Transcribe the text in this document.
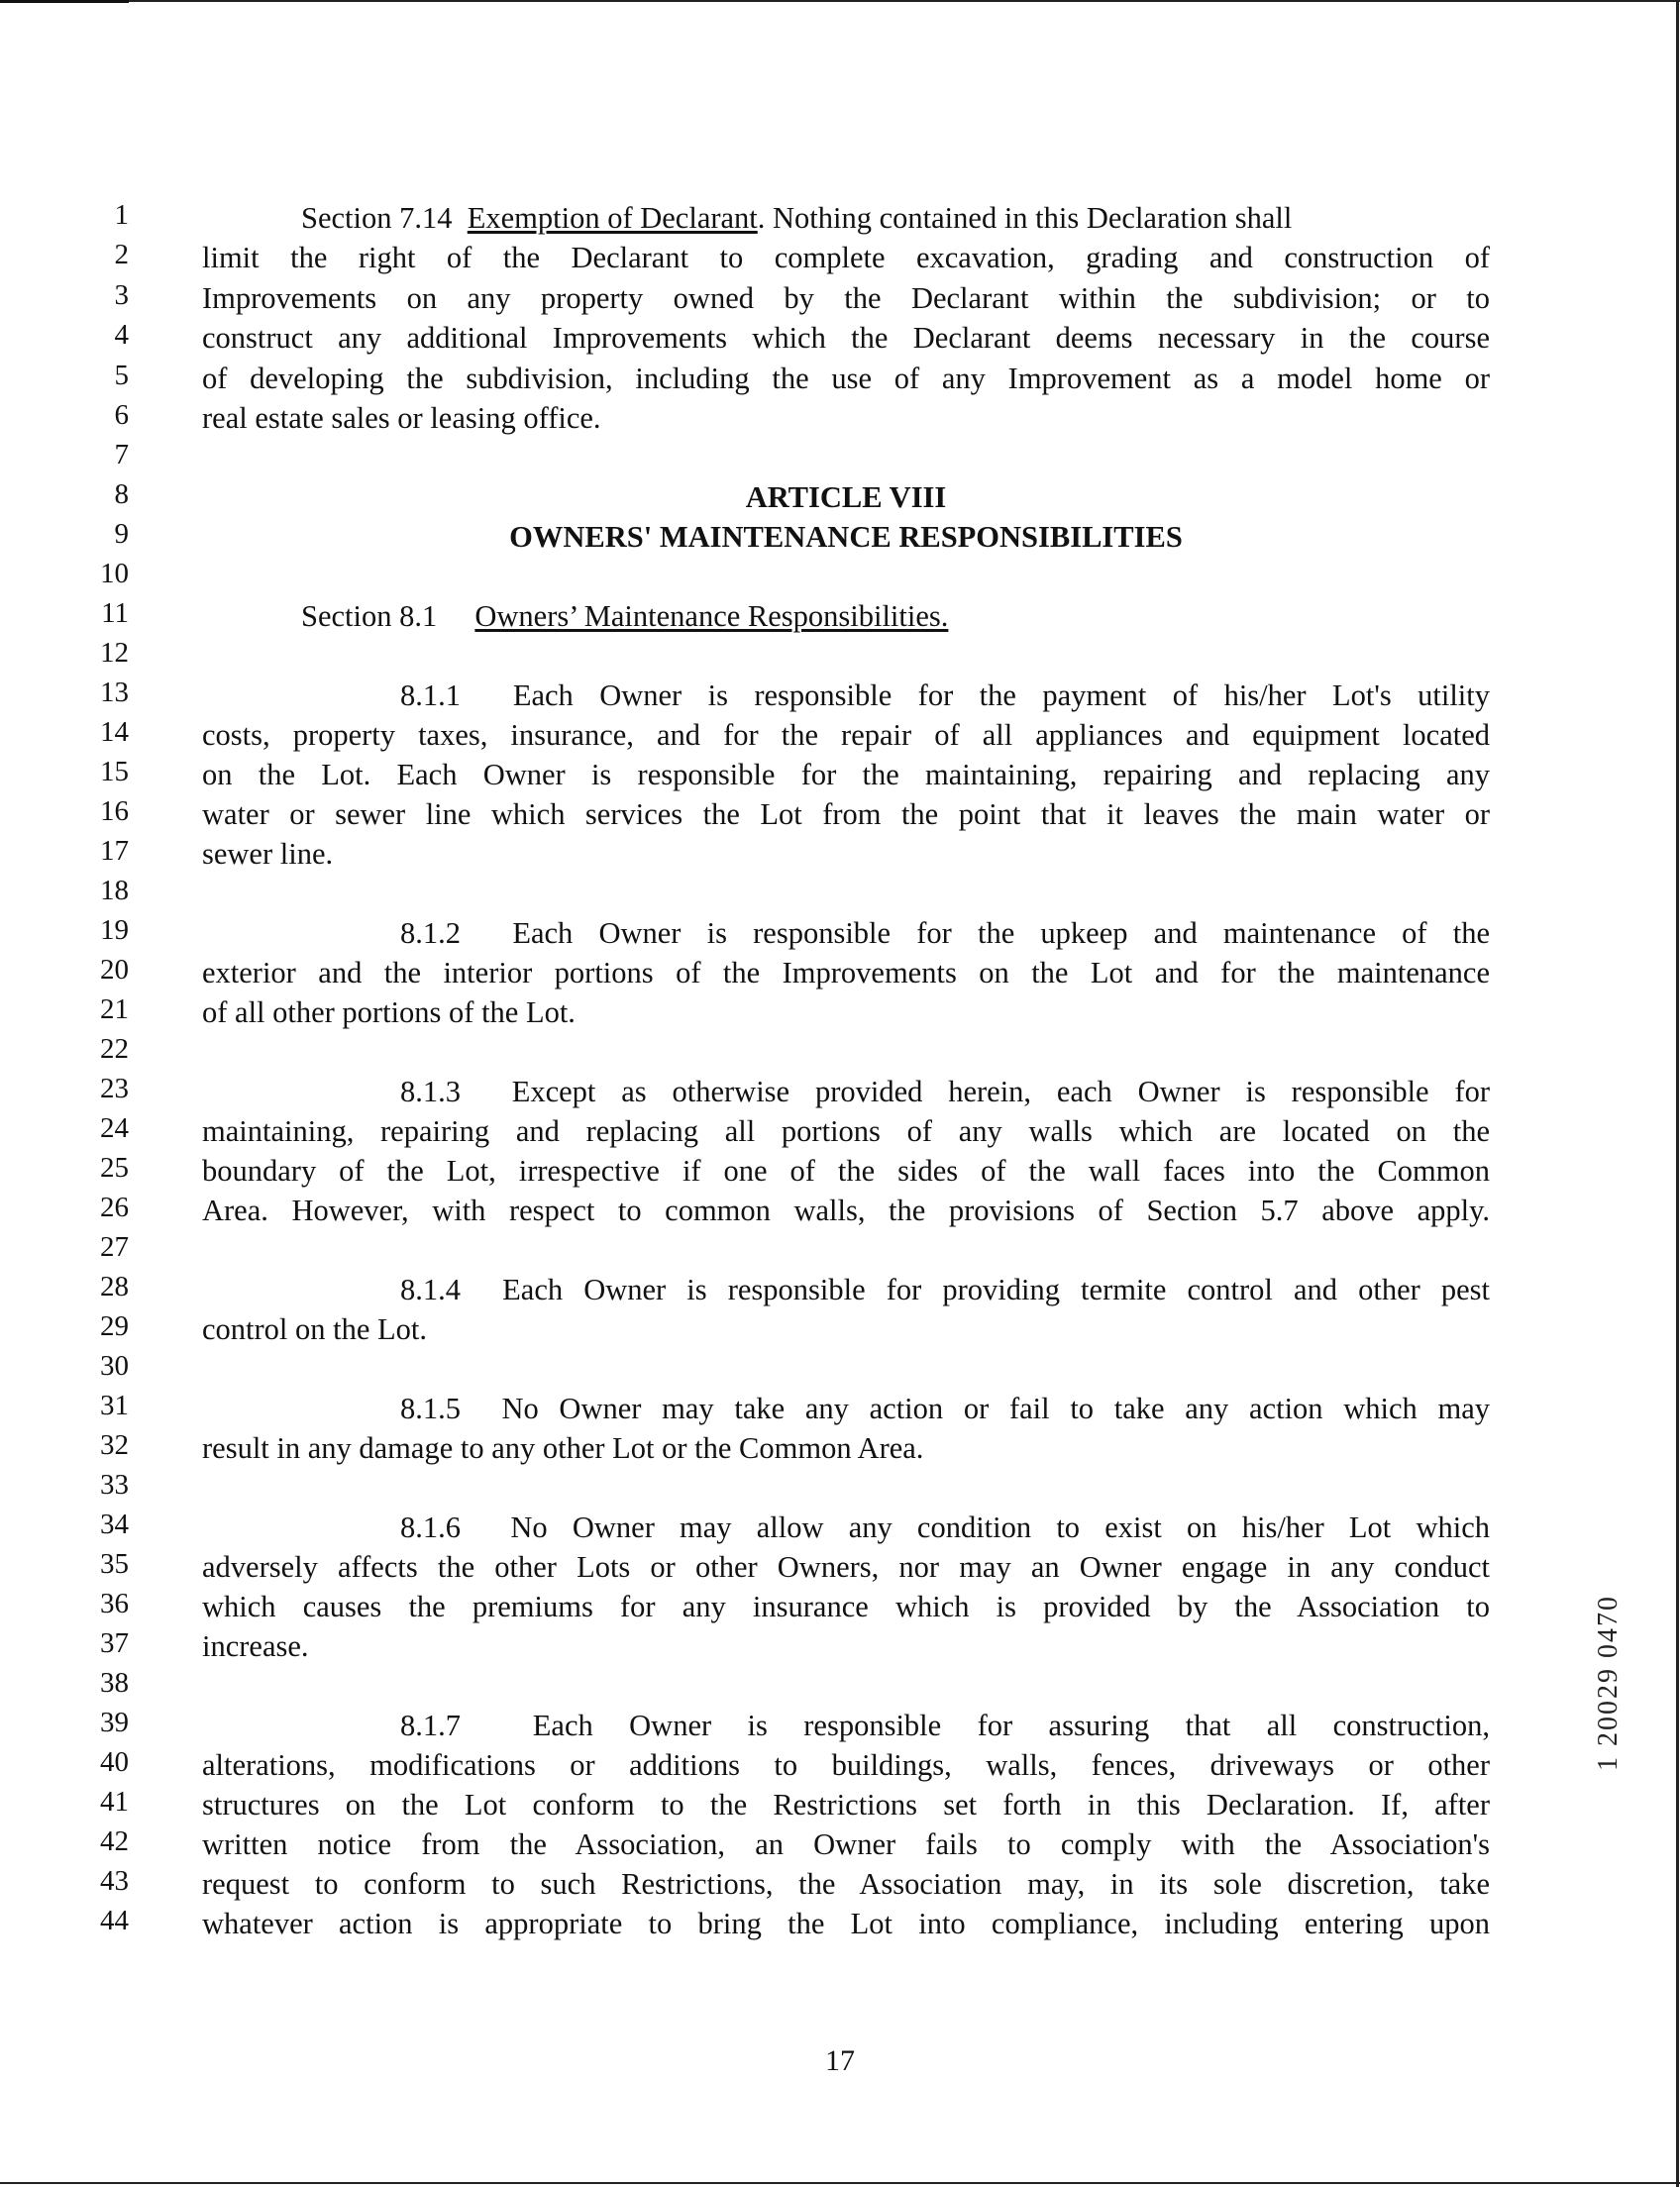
1
2
3
4
5
6
7
8
9
10
11
12
13
14
15
16
17
18
19
20
21
22
23
24
25
26
27
28
29
30
31
32
33
34
35
36
37
38
39
40
41
42
43
44
Section 7.14 Exemption of Declarant. Nothing contained in this Declaration shall
limit the right of the Declarant to complete excavation, grading and construction of
Improvements on any property owned by the Declarant within the subdivision; or to
construct any additional Improvements which the Declarant deems necessary in the course
of developing the subdivision, including the use of any Improvement as a model home or
real estate sales or leasing office.
ARTICLE VIII
OWNERS' MAINTENANCE RESPONSIBILITIES
Section 8.1 Owners’ Maintenance Responsibilities.
8.1.1 Each Owner is responsible for the payment of his/her Lot's utility
costs, property taxes, insurance, and for the repair of all appliances and equipment located
on the Lot. Each Owner is responsible for the maintaining, repairing and replacing any
water or sewer line which services the Lot from the point that it leaves the main water or
sewer line.
8.1.2 Each Owner is responsible for the upkeep and maintenance of the
exterior and the interior portions of the Improvements on the Lot and for the maintenance
of all other portions of the Lot.
8.1.3 Except as otherwise provided herein, each Owner is responsible for
maintaining, repairing and replacing all portions of any walls which are located on the
boundary of the Lot, irrespective if one of the sides of the wall faces into the Common
Area. However, with respect to common walls, the provisions of Section 5.7 above apply.
8.1.4 Each Owner is responsible for providing termite control and other pest
control on the Lot.
8.1.5 No Owner may take any action or fail to take any action which may
result in any damage to any other Lot or the Common Area.
8.1.6 No Owner may allow any condition to exist on his/her Lot which
adversely affects the other Lots or other Owners, nor may an Owner engage in any conduct
which causes the premiums for any insurance which is provided by the Association to
increase.
8.1.7 Each Owner is responsible for assuring that all construction,
alterations, modifications or additions to buildings, walls, fences, driveways or other
structures on the Lot conform to the Restrictions set forth in this Declaration. If, after
written notice from the Association, an Owner fails to comply with the Association's
request to conform to such Restrictions, the Association may, in its sole discretion, take
whatever action is appropriate to bring the Lot into compliance, including entering upon
1 20029 0470
17
